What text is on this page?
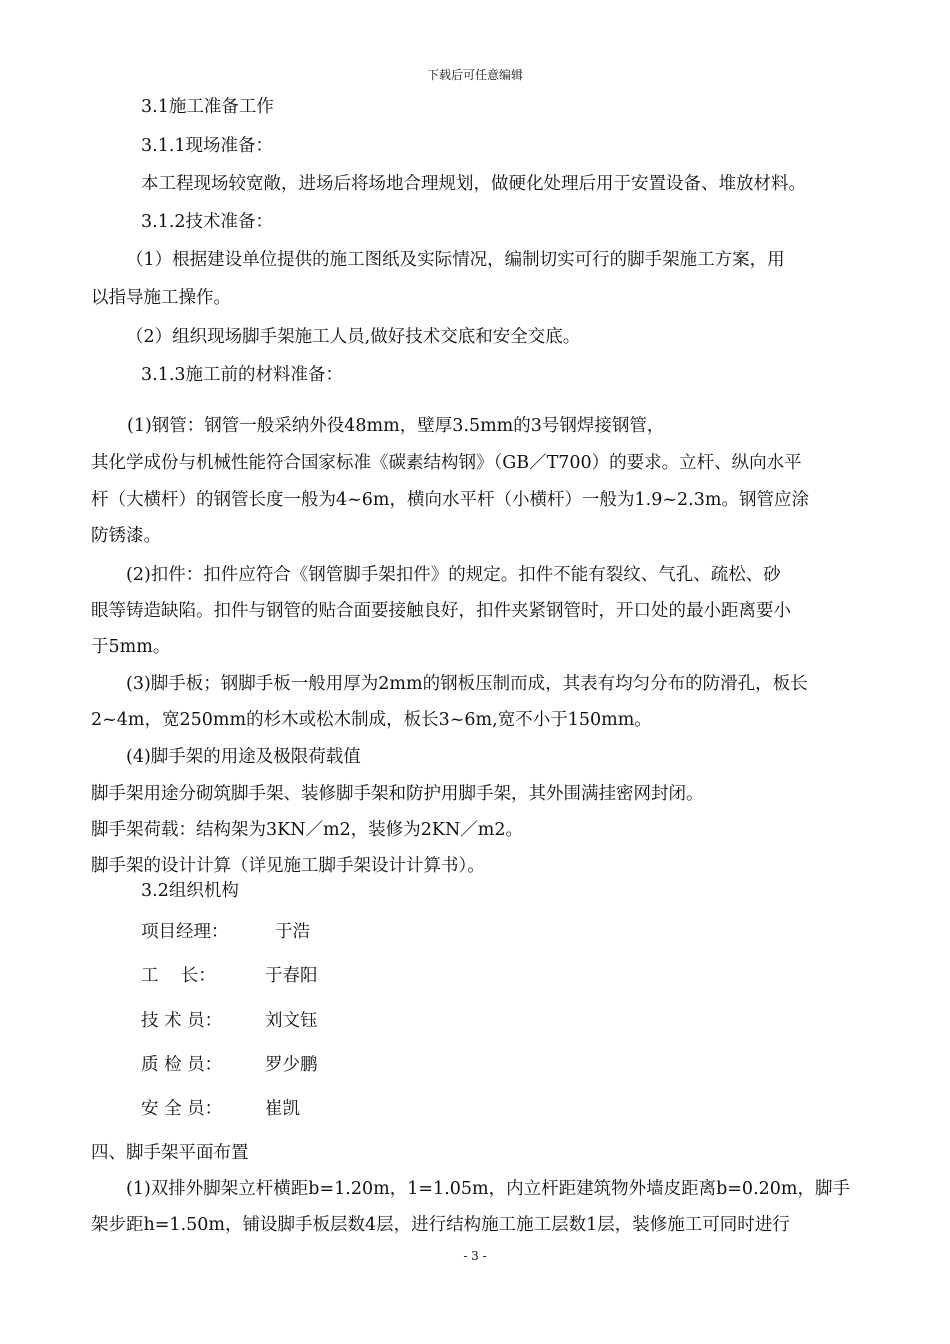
下载后可任意编辑
3.1施工准备工作
3.1.1现场准备：
本工程现场较宽敞，进场后将场地合理规划，做硬化处理后用于安置设备、堆放材料。
3.1.2技术准备：
（1）根据建设单位提供的施工图纸及实际情况，编制切实可行的脚手架施工方案，用
以指导施工操作。
（2）组织现场脚手架施工人员,做好技术交底和安全交底。
3.1.3施工前的材料准备：
(1)钢管：钢管一般采纳外役48mm，壁厚3.5mm的3号钢焊接钢管，
其化学成份与机械性能符合国家标准《碳素结构钢》（GB／T700）的要求。立杆、纵向水平
杆（大横杆）的钢管长度一般为4~6m，横向水平杆（小横杆）一般为1.9~2.3m。钢管应涂
防锈漆。
(2)扣件：扣件应符合《钢管脚手架扣件》的规定。扣件不能有裂纹、气孔、疏松、砂
眼等铸造缺陷。扣件与钢管的贴合面要接触良好，扣件夹紧钢管时，开口处的最小距离要小
于5mm。
(3)脚手板；钢脚手板一般用厚为2mm的钢板压制而成，其表有均匀分布的防滑孔，板长
2~4m，宽250mm的杉木或松木制成，板长3~6m,宽不小于150mm。
(4)脚手架的用途及极限荷载值
脚手架用途分砌筑脚手架、装修脚手架和防护用脚手架，其外围满挂密网封闭。
脚手架荷载：结构架为3KN／m2，装修为2KN／m2。
脚手架的设计计算（详见施工脚手架设计计算书）。
3.2组织机构
项目经理：	于浩
工    长：	于春阳
技 术 员： 刘文钰
质 检 员： 罗少鹏
安 全 员： 崔凯
四、脚手架平面布置
(1)双排外脚架立杆横距b=1.20m，1=1.05m，内立杆距建筑物外墙皮距离b=0.20m，脚手
架步距h=1.50m，铺设脚手板层数4层，进行结构施工施工层数1层，装修施工可同时进行
- 3 -
